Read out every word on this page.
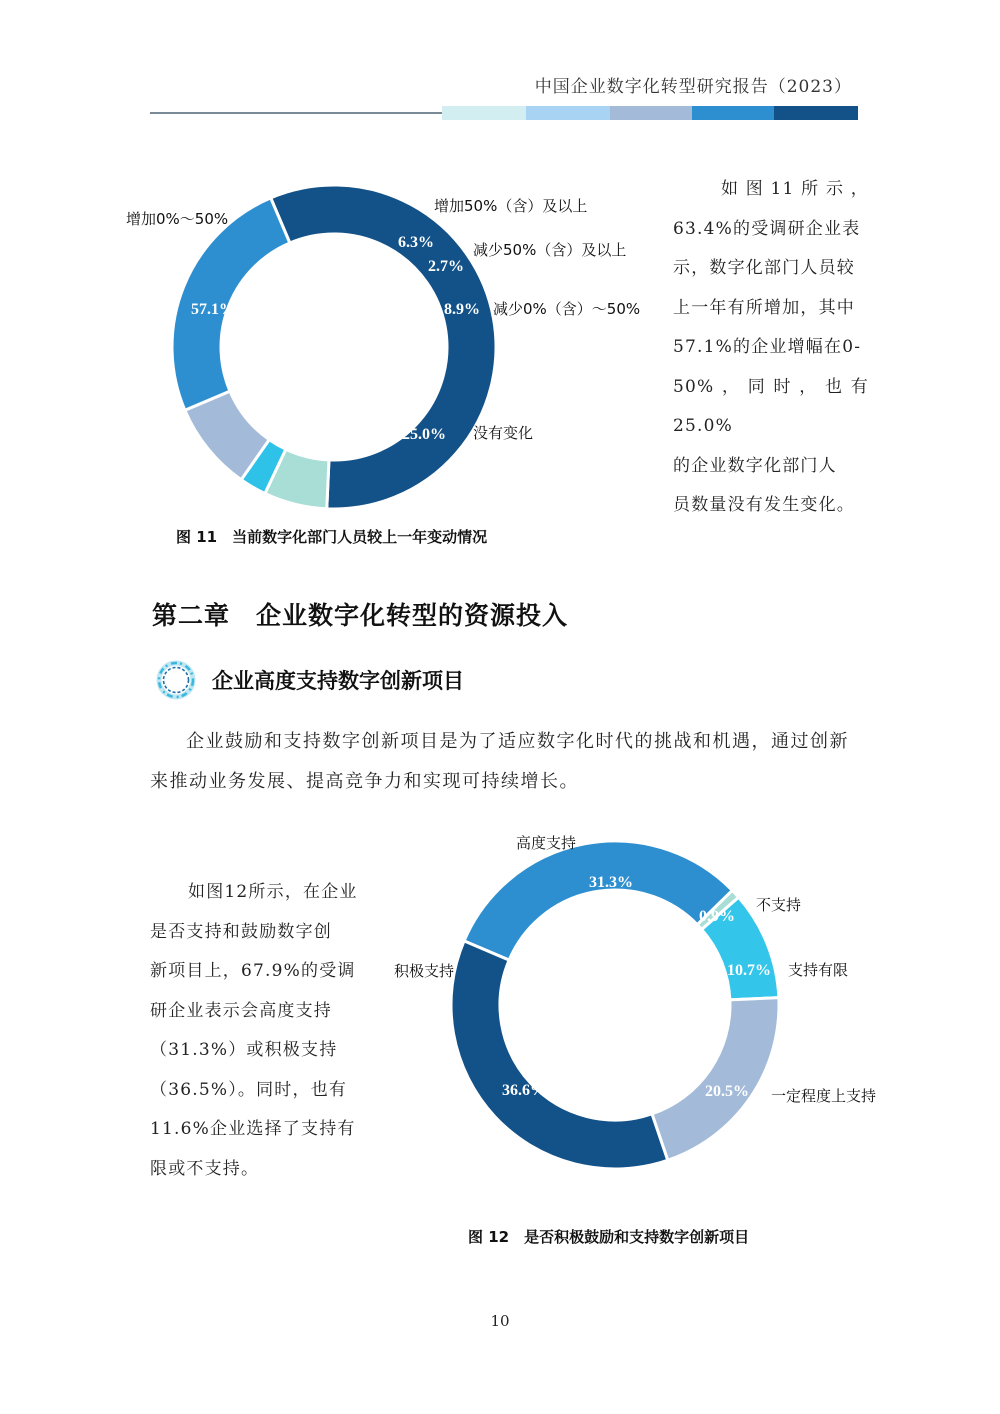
中国企业数字化转型研究报告（2023）
57.1%
6.3%
2.7%
8.9%
25.0%
增加0%～50%
增加50%（含）及以上
减少50%（含）及以上
减少0%（含）～50%
没有变化
如 图 11 所 示 ，
63.4%的受调研企业表
示，数字化部门人员较
上一年有所增加，其中
57.1%的企业增幅在0-
50%，同时，也有25.0%
的企业数字化部门人
员数量没有发生变化。
图 11　当前数字化部门人员较上一年变动情况
第二章　企业数字化转型的资源投入
企业高度支持数字创新项目
企业鼓励和支持数字创新项目是为了适应数字化时代的挑战和机遇，通过创新来推动业务发展、提高竞争力和实现可持续增长。
如图12所示，在企业
是否支持和鼓励数字创
新项目上，67.9%的受调
研企业表示会高度支持
（31.3%）或积极支持
（36.5%）。同时，也有
11.6%企业选择了支持有
限或不支持。
31.3%
0.9%
10.7%
20.5%
36.6%
高度支持
不支持
支持有限
一定程度上支持
积极支持
图 12　是否积极鼓励和支持数字创新项目
10
